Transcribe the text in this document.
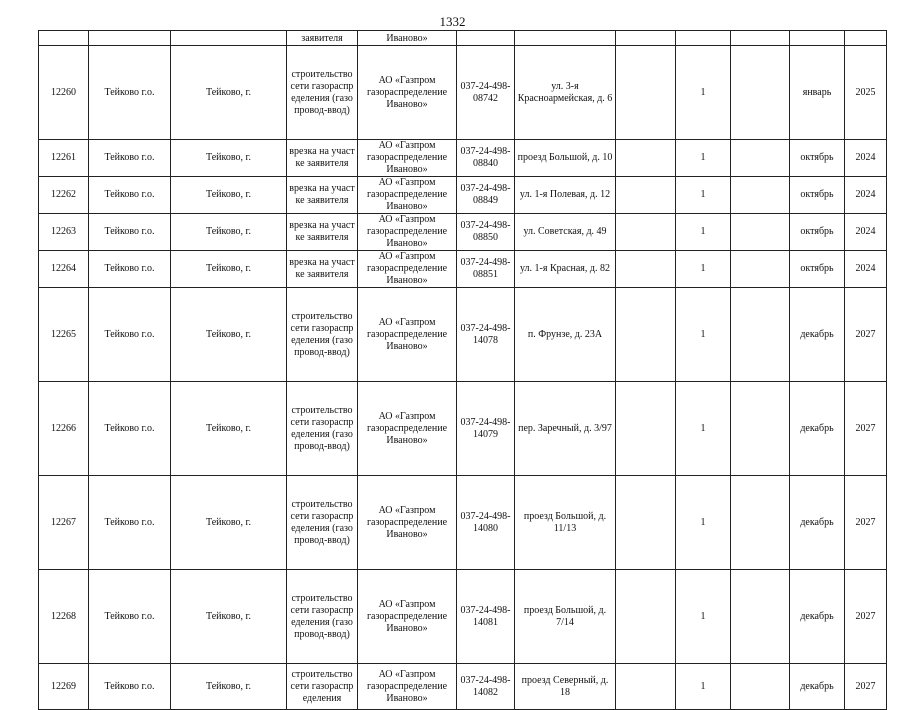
1332
			заявителя	Иваново»							
12260	Тейково г.о.	Тейково, г.	строительство сети газораспределения (газопровод-ввод)	АО «Газпром газораспределение Иваново»	037-24-498-08742	ул. 3-я Красноармейская, д. 6		1		январь	2025
12261	Тейково г.о.	Тейково, г.	врезка на участке заявителя	АО «Газпром газораспределение Иваново»	037-24-498-08840	проезд Большой, д. 10		1		октябрь	2024
12262	Тейково г.о.	Тейково, г.	врезка на участке заявителя	АО «Газпром газораспределение Иваново»	037-24-498-08849	ул. 1-я Полевая, д. 12		1		октябрь	2024
12263	Тейково г.о.	Тейково, г.	врезка на участке заявителя	АО «Газпром газораспределение Иваново»	037-24-498-08850	ул. Советская, д. 49		1		октябрь	2024
12264	Тейково г.о.	Тейково, г.	врезка на участке заявителя	АО «Газпром газораспределение Иваново»	037-24-498-08851	ул. 1-я Красная, д. 82		1		октябрь	2024
12265	Тейково г.о.	Тейково, г.	строительство сети газораспределения (газопровод-ввод)	АО «Газпром газораспределение Иваново»	037-24-498-14078	п. Фрунзе, д. 23А		1		декабрь	2027
12266	Тейково г.о.	Тейково, г.	строительство сети газораспределения (газопровод-ввод)	АО «Газпром газораспределение Иваново»	037-24-498-14079	пер. Заречный, д. 3/97		1		декабрь	2027
12267	Тейково г.о.	Тейково, г.	строительство сети газораспределения (газопровод-ввод)	АО «Газпром газораспределение Иваново»	037-24-498-14080	проезд Большой, д. 11/13		1		декабрь	2027
12268	Тейково г.о.	Тейково, г.	строительство сети газораспределения (газопровод-ввод)	АО «Газпром газораспределение Иваново»	037-24-498-14081	проезд Большой, д. 7/14		1		декабрь	2027
12269	Тейково г.о.	Тейково, г.	строительство сети газораспределения	АО «Газпром газораспределение Иваново»	037-24-498-14082	проезд Северный, д. 18		1		декабрь	2027
